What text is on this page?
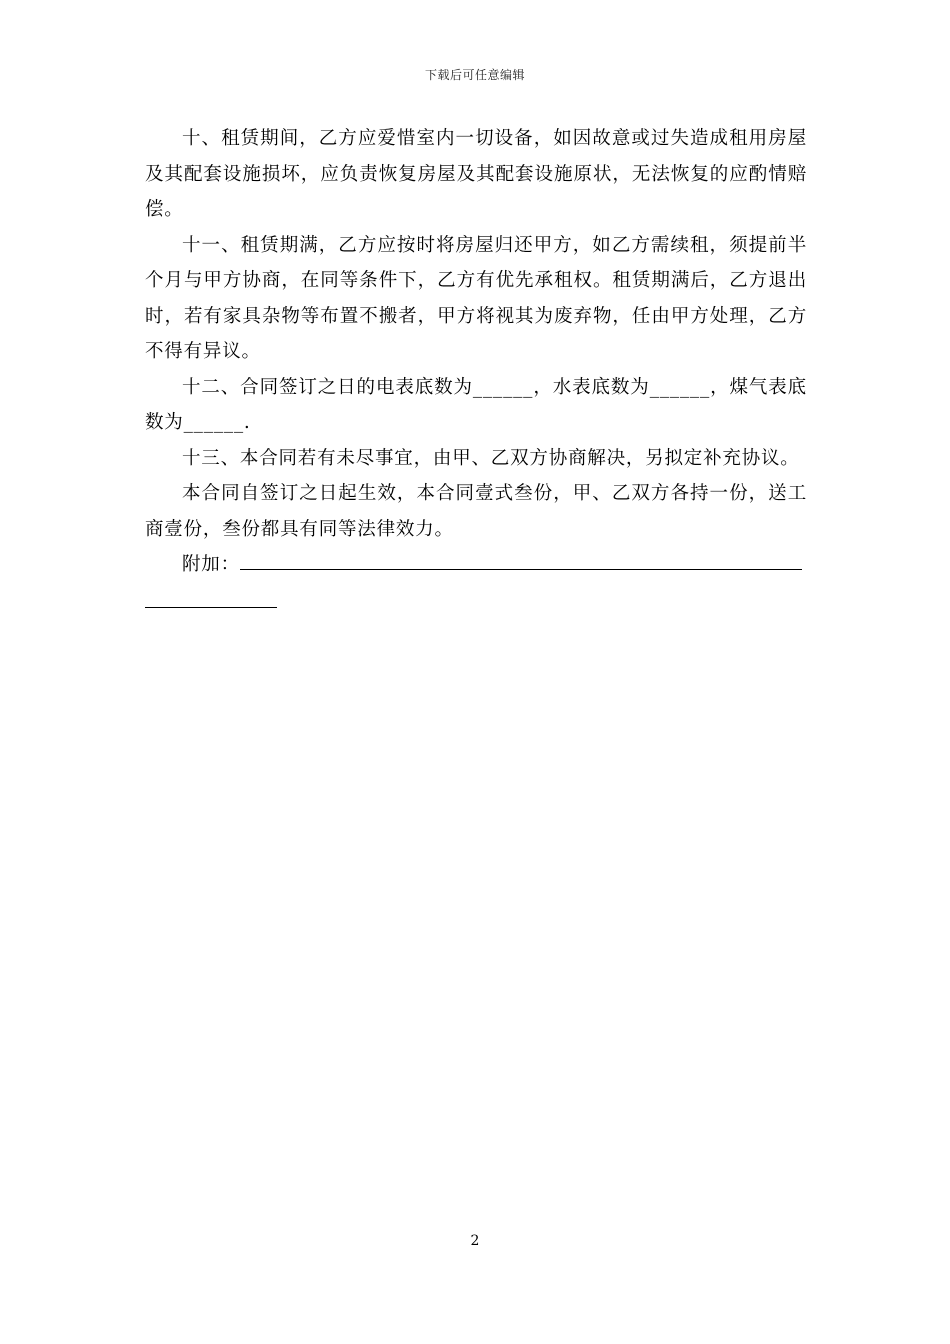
下载后可任意编辑

十、租赁期间，乙方应爱惜室内一切设备，如因故意或过失造成租用房屋及其配套设施损坏，应负责恢复房屋及其配套设施原状，无法恢复的应酌情赔偿。

十一、租赁期满，乙方应按时将房屋归还甲方，如乙方需续租，须提前半个月与甲方协商，在同等条件下，乙方有优先承租权。租赁期满后，乙方退出时，若有家具杂物等布置不搬者，甲方将视其为废弃物，任由甲方处理，乙方不得有异议。

十二、合同签订之日的电表底数为______，水表底数为______，煤气表底数为______.

十三、本合同若有未尽事宜，由甲、乙双方协商解决，另拟定补充协议。

本合同自签订之日起生效，本合同壹式叁份，甲、乙双方各持一份，送工商壹份，叁份都具有同等法律效力。

附加：

2
